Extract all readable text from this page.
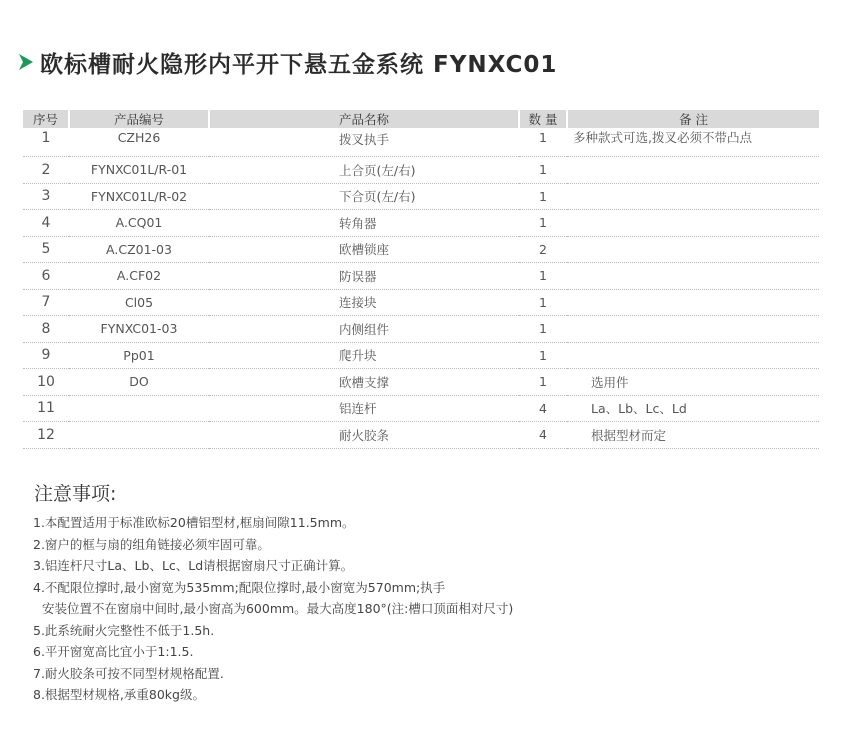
欧标槽耐火隐形内平开下悬五金系统 FYNXC01
序号	产品编号	产品名称	数 量	备 注
1	CZH26	拨叉执手	1	多种款式可选,拨叉必须不带凸点
2	FYNXC01L/R-01	上合页(左/右)	1	
3	FYNXC01L/R-02	下合页(左/右)	1	
4	A.CQ01	转角器	1	
5	A.CZ01-03	欧槽锁座	2	
6	A.CF02	防误器	1	
7	Cl05	连接块	1	
8	FYNXC01-03	内侧组件	1	
9	Pp01	爬升块	1	
10	DO	欧槽支撑	1	选用件
11		铝连杆	4	La、Lb、Lc、Ld
12		耐火胶条	4	根据型材而定
注意事项:
1.本配置适用于标准欧标20槽铝型材,框扇间隙11.5mm。
2.窗户的框与扇的组角链接必须牢固可靠。
3.铝连杆尺寸La、Lb、Lc、Ld请根据窗扇尺寸正确计算。
4.不配限位撑时,最小窗宽为535mm;配限位撑时,最小窗宽为570mm;执手
安装位置不在窗扇中间时,最小窗高为600mm。最大高度180°(注:槽口顶面相对尺寸)
5.此系统耐火完整性不低于1.5h.
6.平开窗宽高比宜小于1:1.5.
7.耐火胶条可按不同型材规格配置.
8.根据型材规格,承重80kg级。
